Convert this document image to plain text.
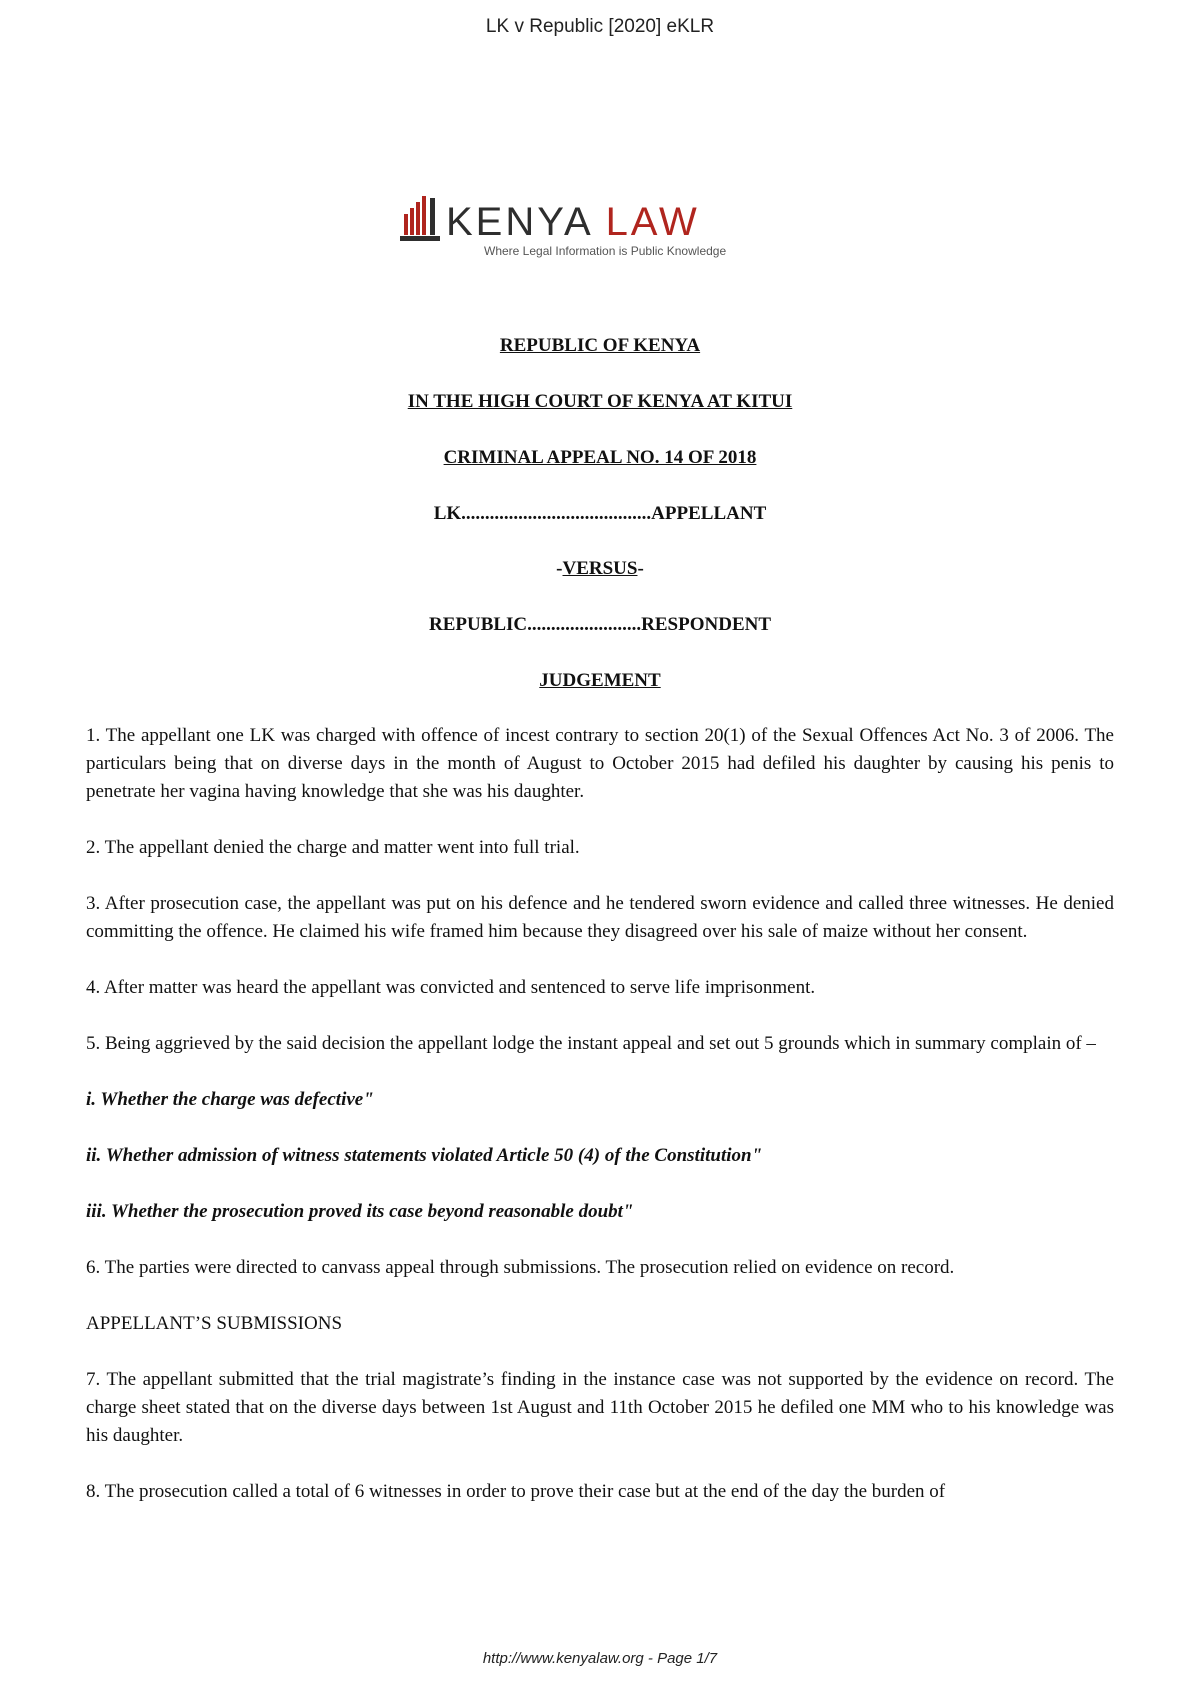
LK v Republic [2020] eKLR
KENYA LAW
Where Legal Information is Public Knowledge
REPUBLIC OF KENYA
IN THE HIGH COURT OF KENYA AT KITUI
CRIMINAL APPEAL NO. 14 OF 2018
LK........................................APPELLANT
-VERSUS-
REPUBLIC........................RESPONDENT
JUDGEMENT

1. The appellant one LK was charged with offence of incest contrary to section 20(1) of the Sexual Offences Act No. 3 of 2006. The particulars being that on diverse days in the month of August to October 2015 had defiled his daughter by causing his penis to penetrate her vagina having knowledge that she was his daughter.

2. The appellant denied the charge and matter went into full trial.

3. After prosecution case, the appellant was put on his defence and he tendered sworn evidence and called three witnesses. He denied committing the offence. He claimed his wife framed him because they disagreed over his sale of maize without her consent.

4. After matter was heard the appellant was convicted and sentenced to serve life imprisonment.

5. Being aggrieved by the said decision the appellant lodge the instant appeal and set out 5 grounds which in summary complain of –

i. Whether the charge was defective"

ii. Whether admission of witness statements violated Article 50 (4) of the Constitution"

iii. Whether the prosecution proved its case beyond reasonable doubt"

6. The parties were directed to canvass appeal through submissions. The prosecution relied on evidence on record.

APPELLANT’S SUBMISSIONS

7. The appellant submitted that the trial magistrate’s finding in the instance case was not supported by the evidence on record. The charge sheet stated that on the diverse days between 1st August and 11th October 2015 he defiled one MM who to his knowledge was his daughter.

8. The prosecution called a total of 6 witnesses in order to prove their case but at the end of the day the burden of

http://www.kenyalaw.org - Page 1/7
